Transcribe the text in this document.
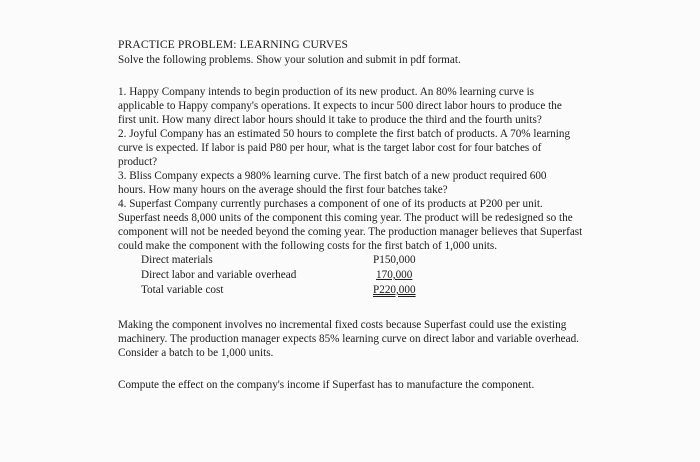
PRACTICE PROBLEM: LEARNING CURVES
Solve the following problems. Show your solution and submit in pdf format.
1. Happy Company intends to begin production of its new product. An 80% learning curve is
applicable to Happy company's operations. It expects to incur 500 direct labor hours to produce the
first unit. How many direct labor hours should it take to produce the third and the fourth units?
2. Joyful Company has an estimated 50 hours to complete the first batch of products. A 70% learning
curve is expected. If labor is paid P80 per hour, what is the target labor cost for four batches of
product?
3. Bliss Company expects a 980% learning curve. The first batch of a new product required 600
hours. How many hours on the average should the first four batches take?
4. Superfast Company currently purchases a component of one of its products at P200 per unit.
Superfast needs 8,000 units of the component this coming year. The product will be redesigned so the
component will not be needed beyond the coming year. The production manager believes that Superfast
could make the component with the following costs for the first batch of 1,000 units.
Direct materials	P150,000
Direct labor and variable overhead	170,000
Total variable cost	P220,000
Making the component involves no incremental fixed costs because Superfast could use the existing
machinery. The production manager expects 85% learning curve on direct labor and variable overhead.
Consider a batch to be 1,000 units.
Compute the effect on the company's income if Superfast has to manufacture the component.
